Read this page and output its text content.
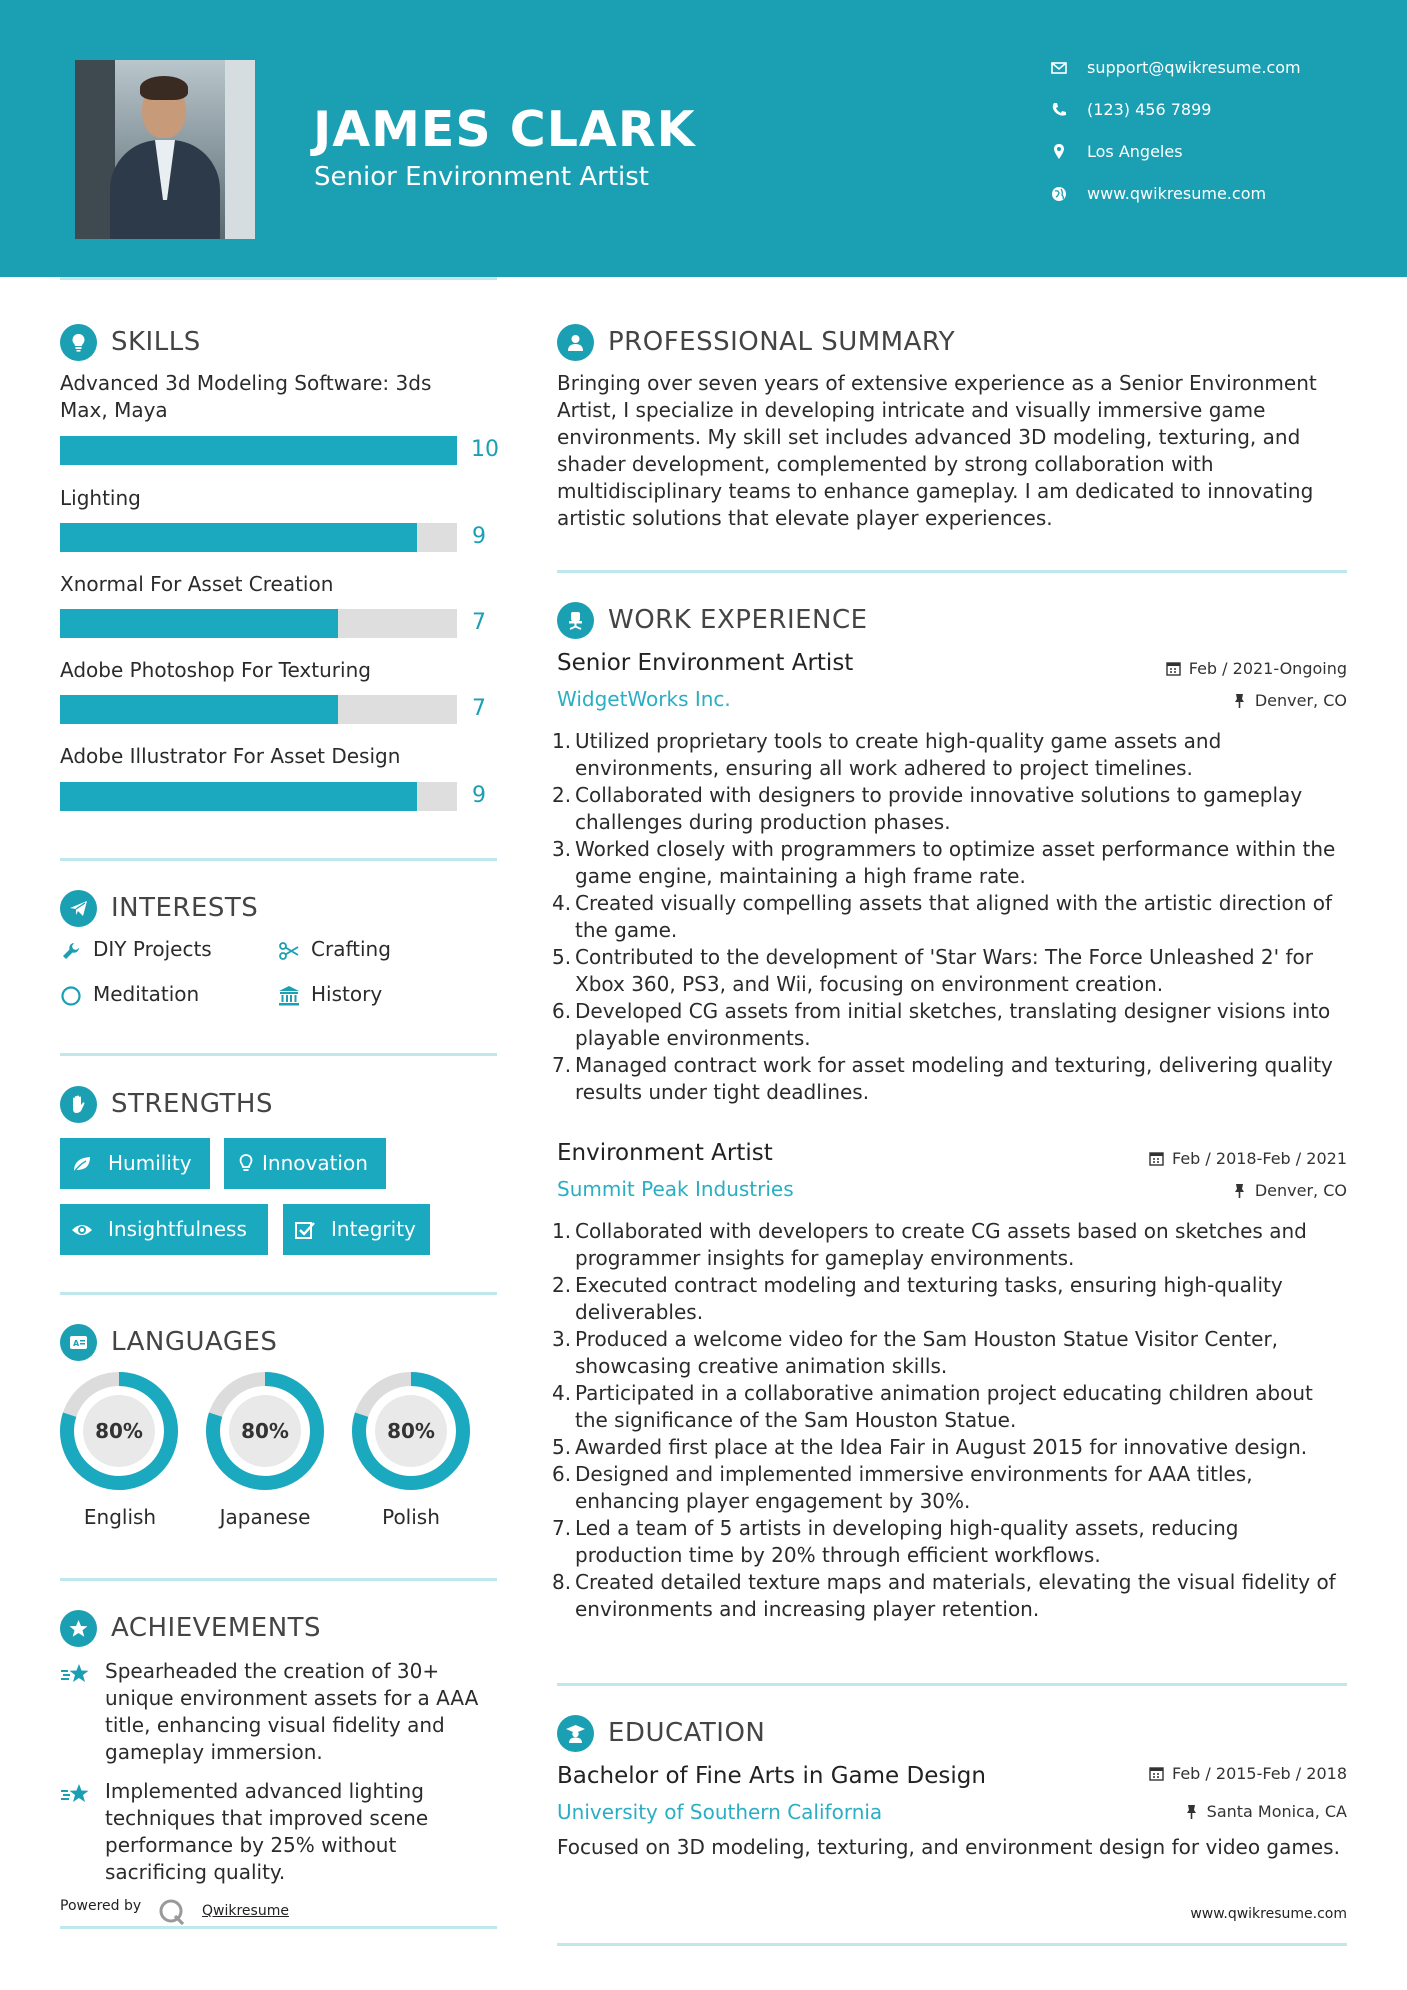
JAMES CLARK
Senior Environment Artist
support@qwikresume.com
(123) 456 7899
Los Angeles
www.qwikresume.com
SKILLS
Advanced 3d Modeling Software: 3ds Max, Maya
10
Lighting
9
Xnormal For Asset Creation
7
Adobe Photoshop For Texturing
7
Adobe Illustrator For Asset Design
9
INTERESTS
DIY Projects	Crafting
Meditation	History
STRENGTHS
Humility	Innovation
Insightfulness	Integrity
A LANGUAGES
80%
English
80%
Japanese
80%
Polish
ACHIEVEMENTS
Spearheaded the creation of 30+ unique environment assets for a AAA title, enhancing visual fidelity and gameplay immersion.
Implemented advanced lighting techniques that improved scene performance by 25% without sacrificing quality.
Powered by	Qwikresume
PROFESSIONAL SUMMARY
Bringing over seven years of extensive experience as a Senior Environment Artist, I specialize in developing intricate and visually immersive game environments. My skill set includes advanced 3D modeling, texturing, and shader development, complemented by strong collaboration with multidisciplinary teams to enhance gameplay. I am dedicated to innovating artistic solutions that elevate player experiences.
WORK EXPERIENCE
Senior Environment Artist	Feb / 2021-Ongoing
WidgetWorks Inc.	Denver, CO
1. Utilized proprietary tools to create high-quality game assets and environments, ensuring all work adhered to project timelines.
2. Collaborated with designers to provide innovative solutions to gameplay challenges during production phases.
3. Worked closely with programmers to optimize asset performance within the game engine, maintaining a high frame rate.
4. Created visually compelling assets that aligned with the artistic direction of the game.
5. Contributed to the development of 'Star Wars: The Force Unleashed 2' for Xbox 360, PS3, and Wii, focusing on environment creation.
6. Developed CG assets from initial sketches, translating designer visions into playable environments.
7. Managed contract work for asset modeling and texturing, delivering quality results under tight deadlines.
Environment Artist	Feb / 2018-Feb / 2021
Summit Peak Industries	Denver, CO
1. Collaborated with developers to create CG assets based on sketches and programmer insights for gameplay environments.
2. Executed contract modeling and texturing tasks, ensuring high-quality deliverables.
3. Produced a welcome video for the Sam Houston Statue Visitor Center, showcasing creative animation skills.
4. Participated in a collaborative animation project educating children about the significance of the Sam Houston Statue.
5. Awarded first place at the Idea Fair in August 2015 for innovative design.
6. Designed and implemented immersive environments for AAA titles, enhancing player engagement by 30%.
7. Led a team of 5 artists in developing high-quality assets, reducing production time by 20% through efficient workflows.
8. Created detailed texture maps and materials, elevating the visual fidelity of environments and increasing player retention.
EDUCATION
Bachelor of Fine Arts in Game Design	Feb / 2015-Feb / 2018
University of Southern California	Santa Monica, CA
Focused on 3D modeling, texturing, and environment design for video games.
www.qwikresume.com
